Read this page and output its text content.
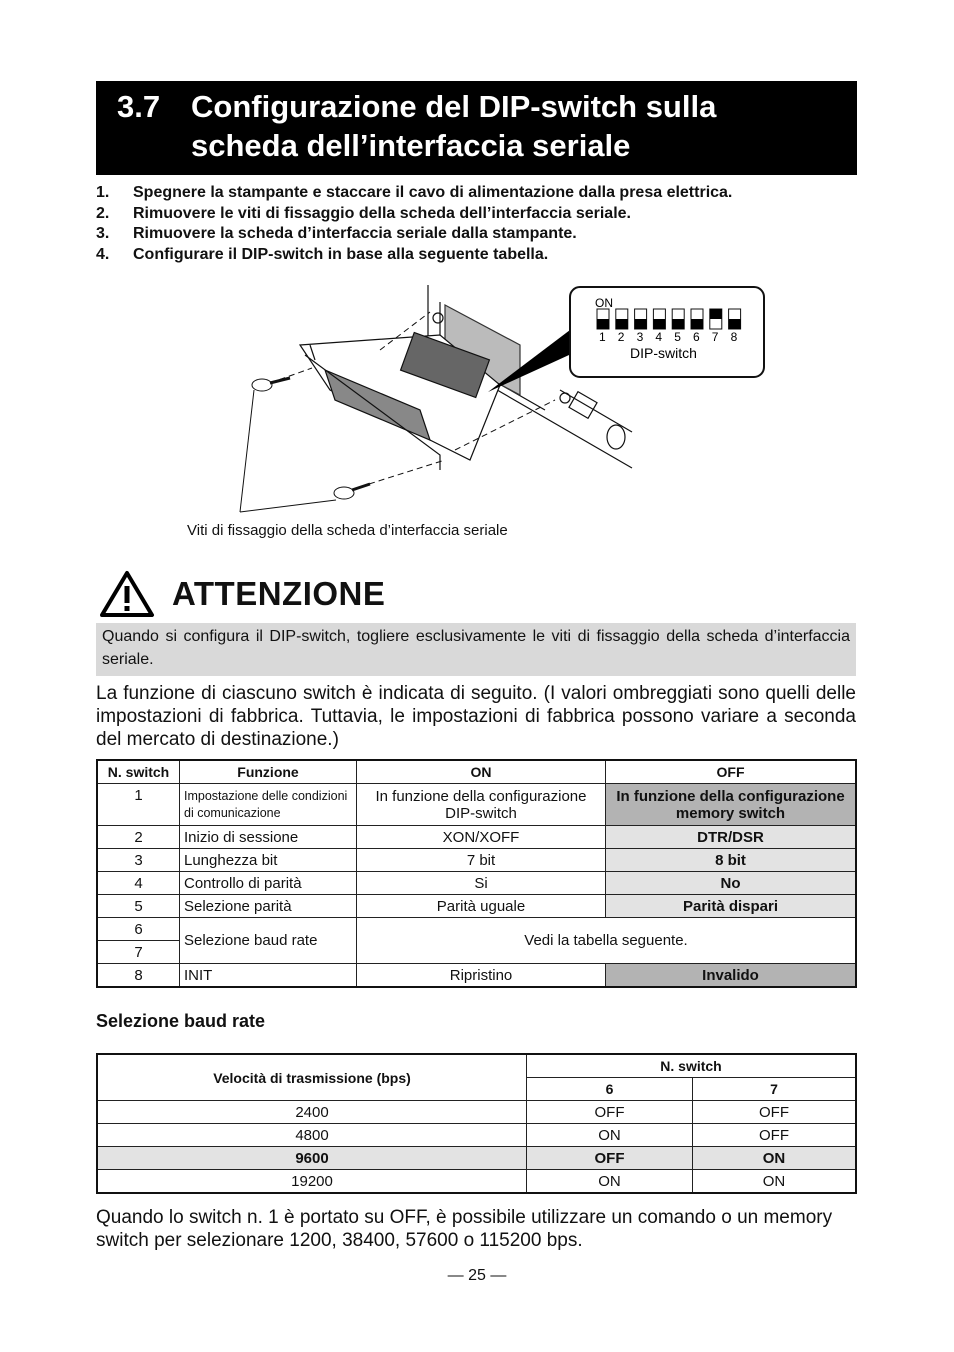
3.7 Configurazione del DIP-switch sulla
scheda dell’interfaccia seriale
1. Spegnere la stampante e staccare il cavo di alimentazione dalla presa elettrica.
2. Rimuovere le viti di fissaggio della scheda dell’interfaccia seriale.
3. Rimuovere la scheda d’interfaccia seriale dalla stampante.
4. Configurare il DIP-switch in base alla seguente tabella.
ON
1 2 3 4 5 6 7 8
DIP-switch
Viti di fissaggio della scheda d’interfaccia seriale
ATTENZIONE
Quando si configura il DIP-switch, togliere esclusivamente le viti di fissaggio della scheda d’interfaccia seriale.
La funzione di ciascuno switch è indicata di seguito. (I valori ombreggiati sono quelli delle impostazioni di fabbrica. Tuttavia, le impostazioni di fabbrica possono variare a seconda del mercato di destinazione.)
N. switch	Funzione	ON	OFF
1	Impostazione delle condizioni di comunicazione	In funzione della configurazione DIP-switch	In funzione della configurazione memory switch
2	Inizio di sessione	XON/XOFF	DTR/DSR
3	Lunghezza bit	7 bit	8 bit
4	Controllo di parità	Si	No
5	Selezione parità	Parità uguale	Parità dispari
6	Selezione baud rate	Vedi la tabella seguente.	
7			
8	INIT	Ripristino	Invalido
Selezione baud rate
Velocità di trasmissione (bps)	N. switch	
	6	7
2400	OFF	OFF
4800	ON	OFF
9600	OFF	ON
19200	ON	ON
Quando lo switch n. 1 è portato su OFF, è possibile utilizzare un comando o un memory switch per selezionare 1200, 38400, 57600 o 115200 bps.
— 25 —
